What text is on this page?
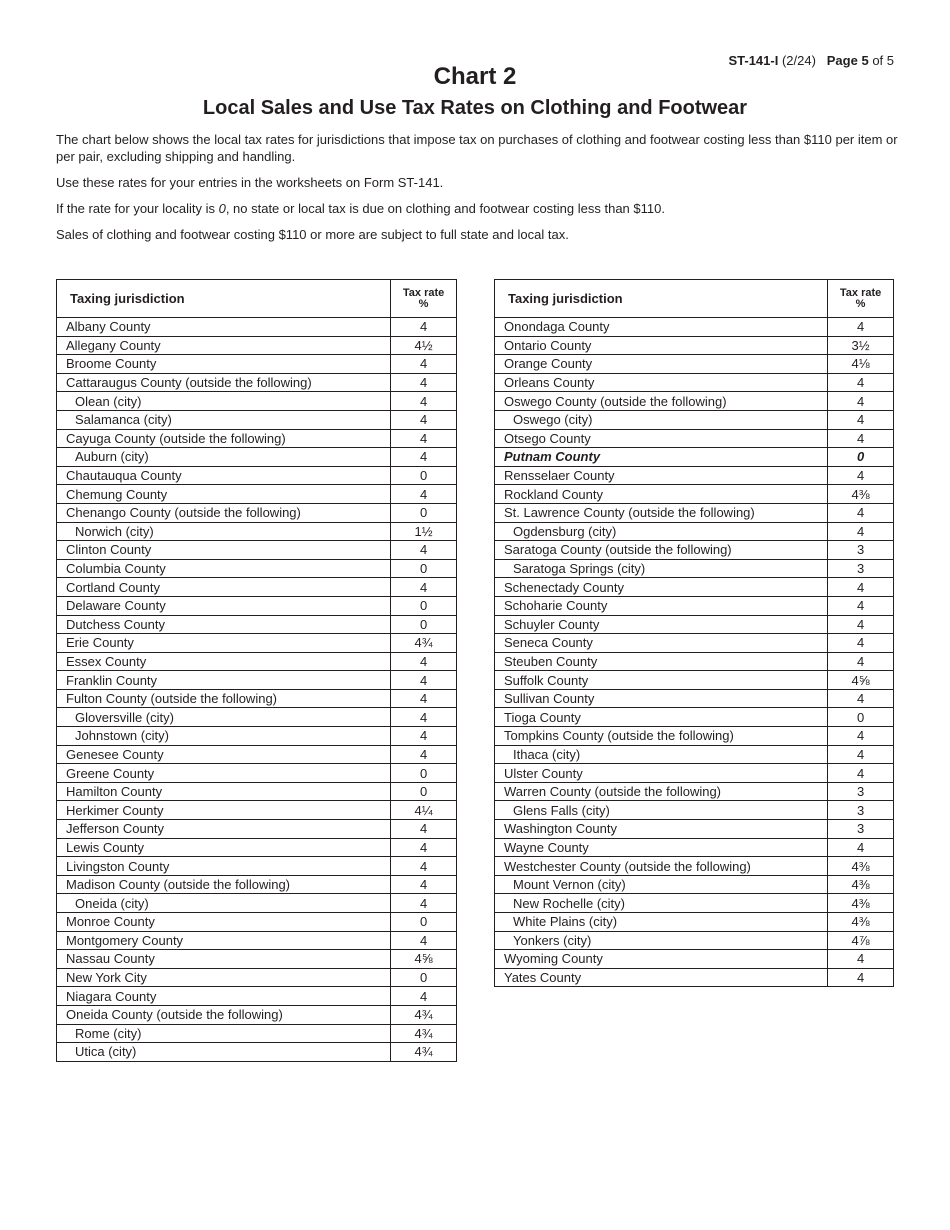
ST-141-I (2/24) Page 5 of 5
Chart 2
Local Sales and Use Tax Rates on Clothing and Footwear

The chart below shows the local tax rates for jurisdictions that impose tax on purchases of clothing and footwear costing less than $110 per item or per pair, excluding shipping and handling.

Use these rates for your entries in the worksheets on Form ST-141.

If the rate for your locality is 0, no state or local tax is due on clothing and footwear costing less than $110.

Sales of clothing and footwear costing $110 or more are subject to full state and local tax.

Taxing jurisdiction	Tax rate
%
Albany County	4
Allegany County	4½
Broome County	4
Cattaraugus County (outside the following)	4
Olean (city)	4
Salamanca (city)	4
Cayuga County (outside the following)	4
Auburn (city)	4
Chautauqua County	0
Chemung County	4
Chenango County (outside the following)	0
Norwich (city)	1½
Clinton County	4
Columbia County	0
Cortland County	4
Delaware County	0
Dutchess County	0
Erie County	4¾
Essex County	4
Franklin County	4
Fulton County (outside the following)	4
Gloversville (city)	4
Johnstown (city)	4
Genesee County	4
Greene County	0
Hamilton County	0
Herkimer County	4¼
Jefferson County	4
Lewis County	4
Livingston County	4
Madison County (outside the following)	4
Oneida (city)	4
Monroe County	0
Montgomery County	4
Nassau County	4⅝
New York City	0
Niagara County	4
Oneida County (outside the following)	4¾
Rome (city)	4¾
Utica (city)	4¾
Taxing jurisdiction	Tax rate
%
Onondaga County	4
Ontario County	3½
Orange County	4⅛
Orleans County	4
Oswego County (outside the following)	4
Oswego (city)	4
Otsego County	4
Putnam County	0
Rensselaer County	4
Rockland County	4⅜
St. Lawrence County (outside the following)	4
Ogdensburg (city)	4
Saratoga County (outside the following)	3
Saratoga Springs (city)	3
Schenectady County	4
Schoharie County	4
Schuyler County	4
Seneca County	4
Steuben County	4
Suffolk County	4⅝
Sullivan County	4
Tioga County	0
Tompkins County (outside the following)	4
Ithaca (city)	4
Ulster County	4
Warren County (outside the following)	3
Glens Falls (city)	3
Washington County	3
Wayne County	4
Westchester County (outside the following)	4⅜
Mount Vernon (city)	4⅜
New Rochelle (city)	4⅜
White Plains (city)	4⅜
Yonkers (city)	4⅞
Wyoming County	4
Yates County	4
